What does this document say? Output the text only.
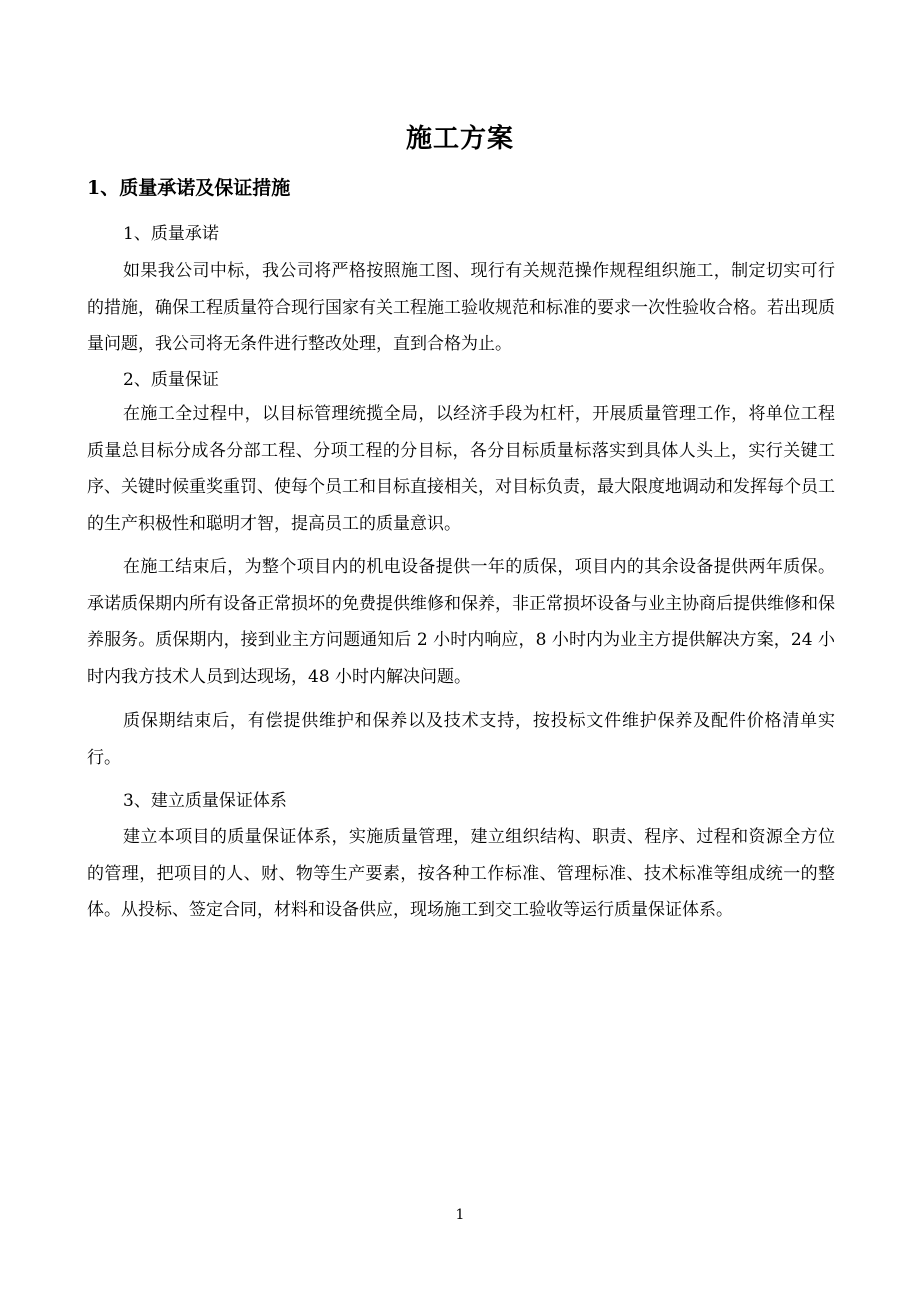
施工方案
1、质量承诺及保证措施
1、质量承诺

如果我公司中标，我公司将严格按照施工图、现行有关规范操作规程组织施工，制定切实可行的措施，确保工程质量符合现行国家有关工程施工验收规范和标准的要求一次性验收合格。若出现质量问题，我公司将无条件进行整改处理，直到合格为止。

2、质量保证

在施工全过程中，以目标管理统揽全局，以经济手段为杠杆，开展质量管理工作，将单位工程质量总目标分成各分部工程、分项工程的分目标，各分目标质量标落实到具体人头上，实行关键工序、关键时候重奖重罚、使每个员工和目标直接相关，对目标负责，最大限度地调动和发挥每个员工的生产积极性和聪明才智，提高员工的质量意识。

在施工结束后，为整个项目内的机电设备提供一年的质保，项目内的其余设备提供两年质保。承诺质保期内所有设备正常损坏的免费提供维修和保养，非正常损坏设备与业主协商后提供维修和保养服务。质保期内，接到业主方问题通知后 2 小时内响应，8 小时内为业主方提供解决方案，24 小时内我方技术人员到达现场，48 小时内解决问题。

质保期结束后，有偿提供维护和保养以及技术支持，按投标文件维护保养及配件价格清单实行。

3、建立质量保证体系

建立本项目的质量保证体系，实施质量管理，建立组织结构、职责、程序、过程和资源全方位的管理，把项目的人、财、物等生产要素，按各种工作标准、管理标准、技术标准等组成统一的整体。从投标、签定合同，材料和设备供应，现场施工到交工验收等运行质量保证体系。

1
